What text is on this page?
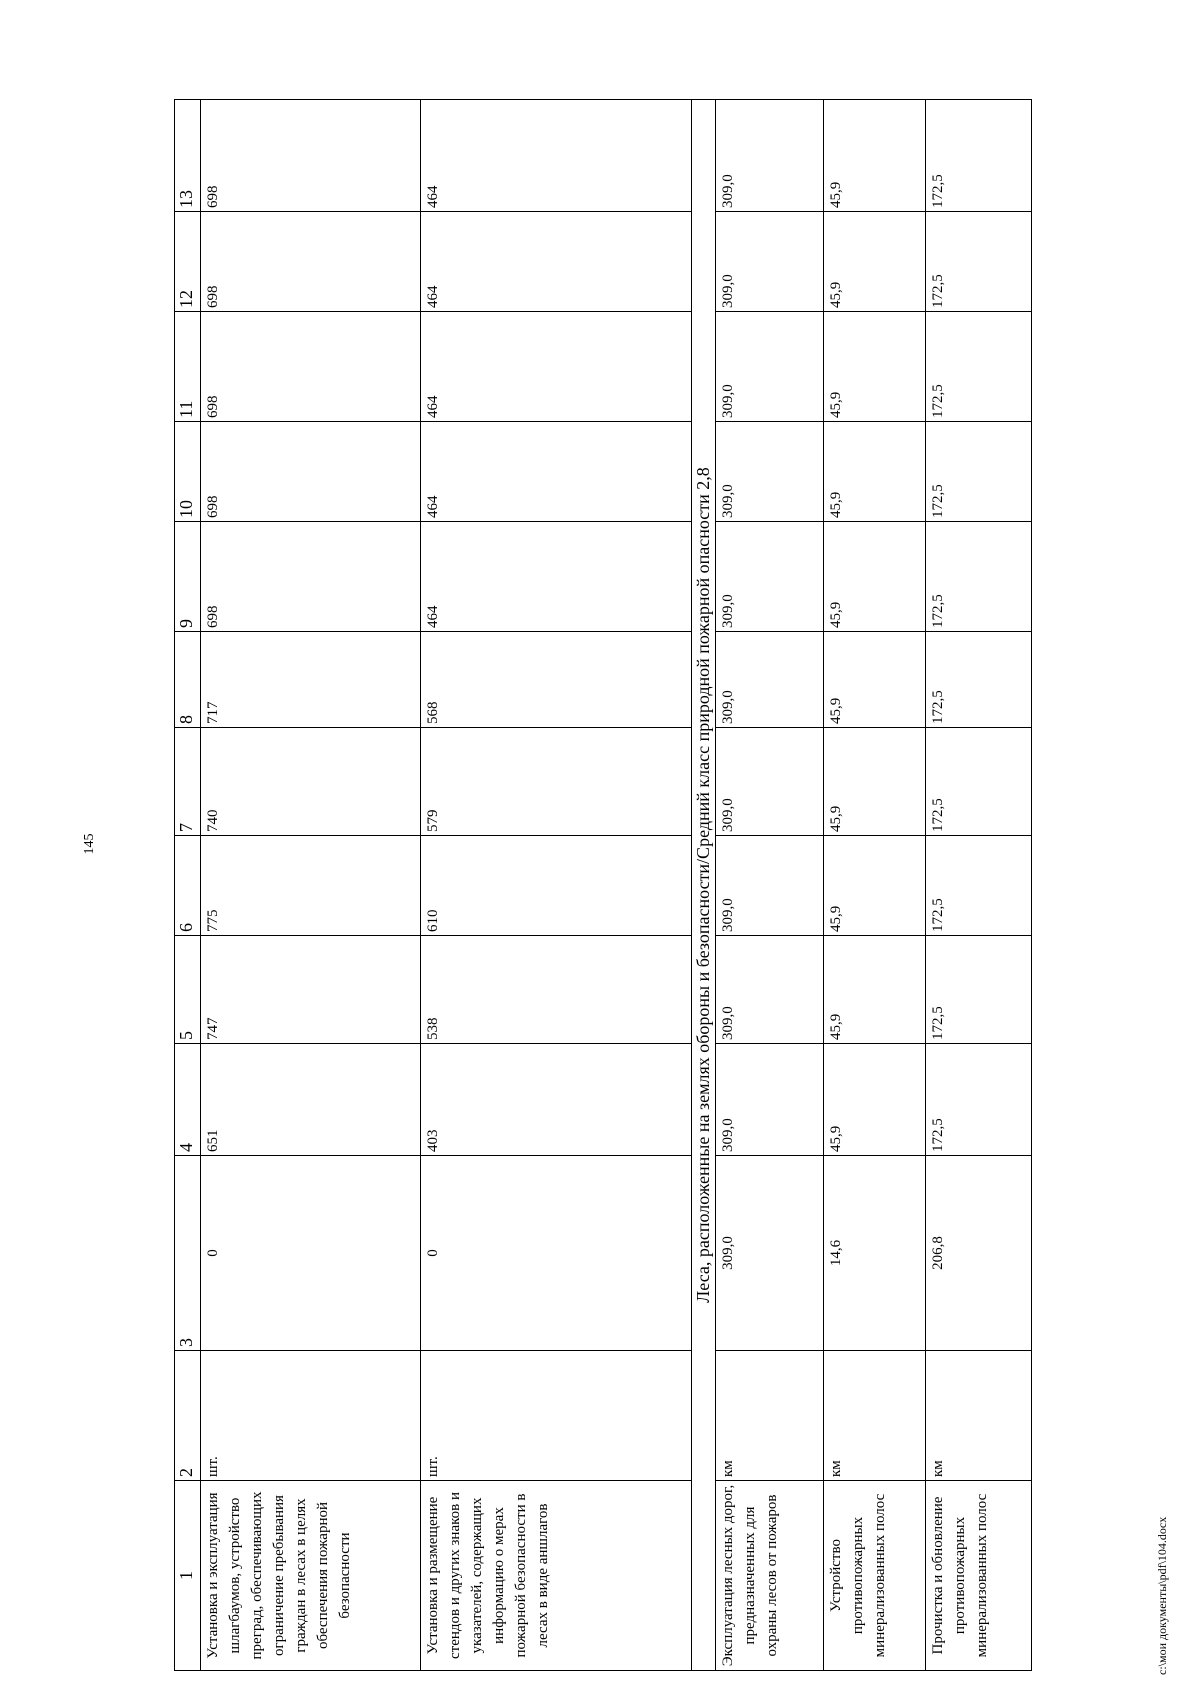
145
1	2	3	4	5	6	7	8	9	10	11	12	13
Установка и эксплуатация шлагбаумов, устройство преград, обеспечивающих ограничение пребывания граждан в лесах в целях обеспечения пожарной безопасности	шт.	0	651	747	775	740	717	698	698	698	698	698
Установка и размещение стендов и других знаков и указателей, содержащих информацию о мерах пожарной безопасности в лесах в виде аншлагов	шт.	0	403	538	610	579	568	464	464	464	464	464
Леса, расположенные на землях обороны и безопасности/Средний класс природной пожарной опасности 2,8												
Эксплуатация лесных дорог, предназначенных для охраны лесов от пожаров	км	309,0	309,0	309,0	309,0	309,0	309,0	309,0	309,0	309,0	309,0	309,0
Устройство противопожарных минерализованных полос	км	14,6	45,9	45,9	45,9	45,9	45,9	45,9	45,9	45,9	45,9	45,9
Прочистка и обновление противопожарных минерализованных полос	км	206,8	172,5	172,5	172,5	172,5	172,5	172,5	172,5	172,5	172,5	172,5
c:\мои документы\pdf\104.docx
